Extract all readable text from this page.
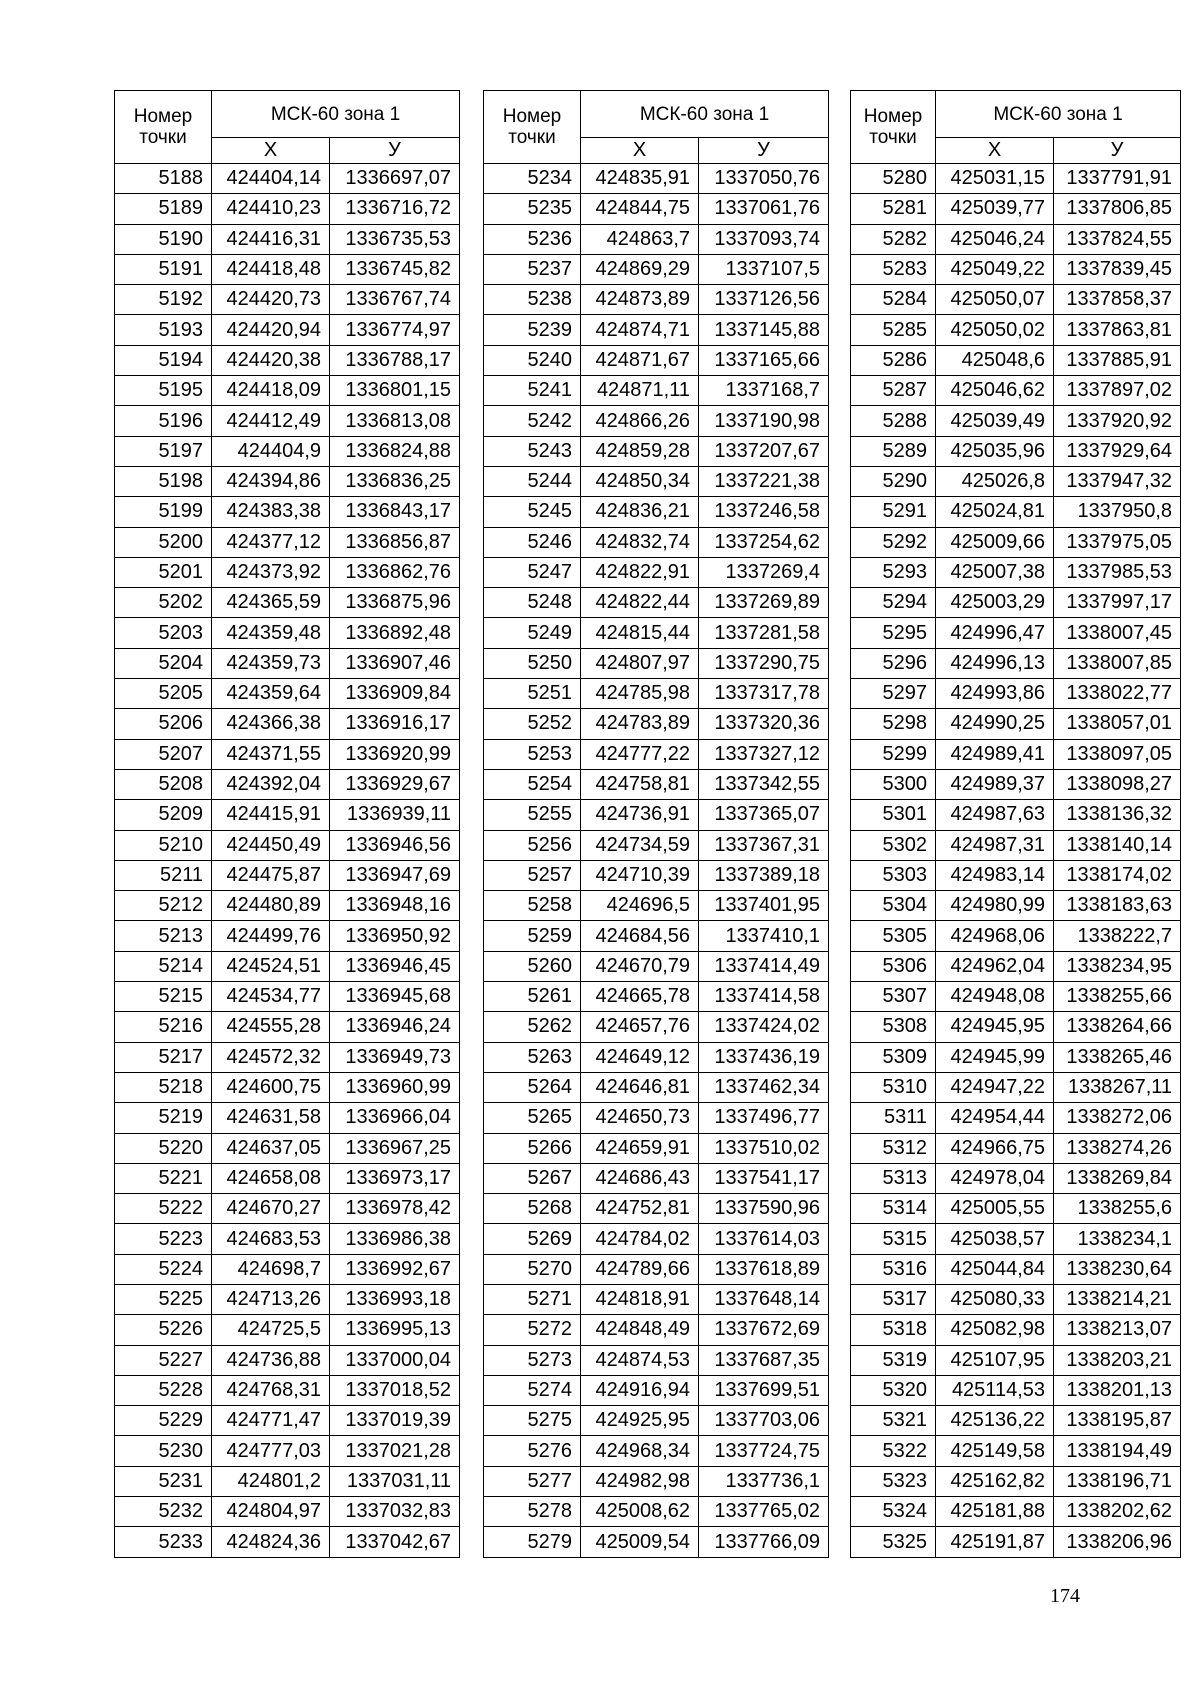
Номер точки	МСК-60 зона 1	
	Х	У
5188	424404,14	1336697,07
5189	424410,23	1336716,72
5190	424416,31	1336735,53
5191	424418,48	1336745,82
5192	424420,73	1336767,74
5193	424420,94	1336774,97
5194	424420,38	1336788,17
5195	424418,09	1336801,15
5196	424412,49	1336813,08
5197	424404,9	1336824,88
5198	424394,86	1336836,25
5199	424383,38	1336843,17
5200	424377,12	1336856,87
5201	424373,92	1336862,76
5202	424365,59	1336875,96
5203	424359,48	1336892,48
5204	424359,73	1336907,46
5205	424359,64	1336909,84
5206	424366,38	1336916,17
5207	424371,55	1336920,99
5208	424392,04	1336929,67
5209	424415,91	1336939,11
5210	424450,49	1336946,56
5211	424475,87	1336947,69
5212	424480,89	1336948,16
5213	424499,76	1336950,92
5214	424524,51	1336946,45
5215	424534,77	1336945,68
5216	424555,28	1336946,24
5217	424572,32	1336949,73
5218	424600,75	1336960,99
5219	424631,58	1336966,04
5220	424637,05	1336967,25
5221	424658,08	1336973,17
5222	424670,27	1336978,42
5223	424683,53	1336986,38
5224	424698,7	1336992,67
5225	424713,26	1336993,18
5226	424725,5	1336995,13
5227	424736,88	1337000,04
5228	424768,31	1337018,52
5229	424771,47	1337019,39
5230	424777,03	1337021,28
5231	424801,2	1337031,11
5232	424804,97	1337032,83
5233	424824,36	1337042,67
Номер точки	МСК-60 зона 1	
	Х	У
5234	424835,91	1337050,76
5235	424844,75	1337061,76
5236	424863,7	1337093,74
5237	424869,29	1337107,5
5238	424873,89	1337126,56
5239	424874,71	1337145,88
5240	424871,67	1337165,66
5241	424871,11	1337168,7
5242	424866,26	1337190,98
5243	424859,28	1337207,67
5244	424850,34	1337221,38
5245	424836,21	1337246,58
5246	424832,74	1337254,62
5247	424822,91	1337269,4
5248	424822,44	1337269,89
5249	424815,44	1337281,58
5250	424807,97	1337290,75
5251	424785,98	1337317,78
5252	424783,89	1337320,36
5253	424777,22	1337327,12
5254	424758,81	1337342,55
5255	424736,91	1337365,07
5256	424734,59	1337367,31
5257	424710,39	1337389,18
5258	424696,5	1337401,95
5259	424684,56	1337410,1
5260	424670,79	1337414,49
5261	424665,78	1337414,58
5262	424657,76	1337424,02
5263	424649,12	1337436,19
5264	424646,81	1337462,34
5265	424650,73	1337496,77
5266	424659,91	1337510,02
5267	424686,43	1337541,17
5268	424752,81	1337590,96
5269	424784,02	1337614,03
5270	424789,66	1337618,89
5271	424818,91	1337648,14
5272	424848,49	1337672,69
5273	424874,53	1337687,35
5274	424916,94	1337699,51
5275	424925,95	1337703,06
5276	424968,34	1337724,75
5277	424982,98	1337736,1
5278	425008,62	1337765,02
5279	425009,54	1337766,09
Номер точки	МСК-60 зона 1	
	Х	У
5280	425031,15	1337791,91
5281	425039,77	1337806,85
5282	425046,24	1337824,55
5283	425049,22	1337839,45
5284	425050,07	1337858,37
5285	425050,02	1337863,81
5286	425048,6	1337885,91
5287	425046,62	1337897,02
5288	425039,49	1337920,92
5289	425035,96	1337929,64
5290	425026,8	1337947,32
5291	425024,81	1337950,8
5292	425009,66	1337975,05
5293	425007,38	1337985,53
5294	425003,29	1337997,17
5295	424996,47	1338007,45
5296	424996,13	1338007,85
5297	424993,86	1338022,77
5298	424990,25	1338057,01
5299	424989,41	1338097,05
5300	424989,37	1338098,27
5301	424987,63	1338136,32
5302	424987,31	1338140,14
5303	424983,14	1338174,02
5304	424980,99	1338183,63
5305	424968,06	1338222,7
5306	424962,04	1338234,95
5307	424948,08	1338255,66
5308	424945,95	1338264,66
5309	424945,99	1338265,46
5310	424947,22	1338267,11
5311	424954,44	1338272,06
5312	424966,75	1338274,26
5313	424978,04	1338269,84
5314	425005,55	1338255,6
5315	425038,57	1338234,1
5316	425044,84	1338230,64
5317	425080,33	1338214,21
5318	425082,98	1338213,07
5319	425107,95	1338203,21
5320	425114,53	1338201,13
5321	425136,22	1338195,87
5322	425149,58	1338194,49
5323	425162,82	1338196,71
5324	425181,88	1338202,62
5325	425191,87	1338206,96
174
